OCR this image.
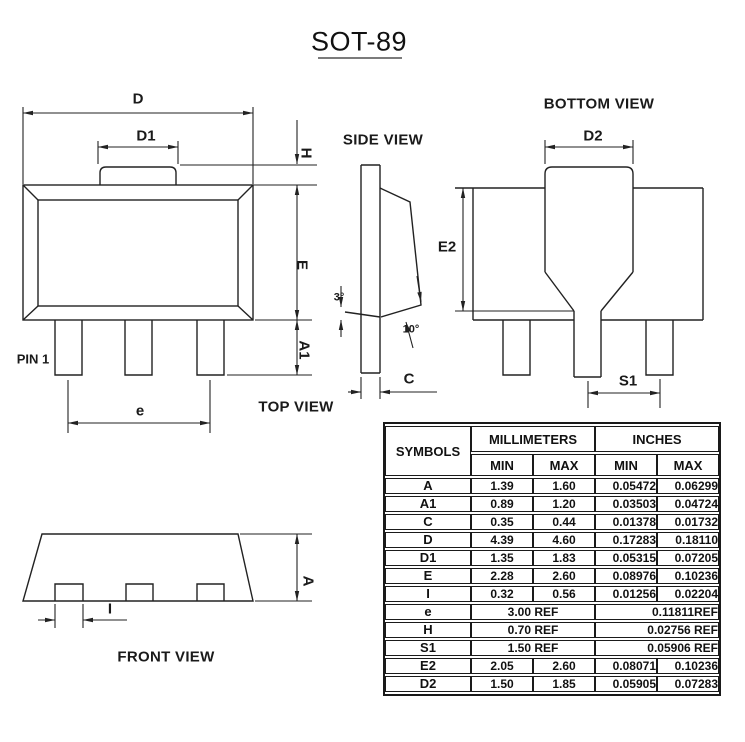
SOT-89
D
D1
H
E
A1
PIN 1
e	TOP VIEW
SIDE VIEW
3°
10°
C
BOTTOM VIEW
D2
E2
S1
A
I
FRONT VIEW
SYMBOLS	MILLIMETERS		INCHES	
	MIN	MAX	MIN	MAX
A	1.39	1.60	0.05472	0.06299
A1	0.89	1.20	0.03503	0.04724
C	0.35	0.44	0.01378	0.01732
D	4.39	4.60	0.17283	0.18110
D1	1.35	1.83	0.05315	0.07205
E	2.28	2.60	0.08976	0.10236
I	0.32	0.56	0.01256	0.02204
e	3.00 REF		0.11811REF	
H	0.70 REF		0.02756 REF	
S1	1.50 REF		0.05906 REF	
E2	2.05	2.60	0.08071	0.10236
D2	1.50	1.85	0.05905	0.07283
